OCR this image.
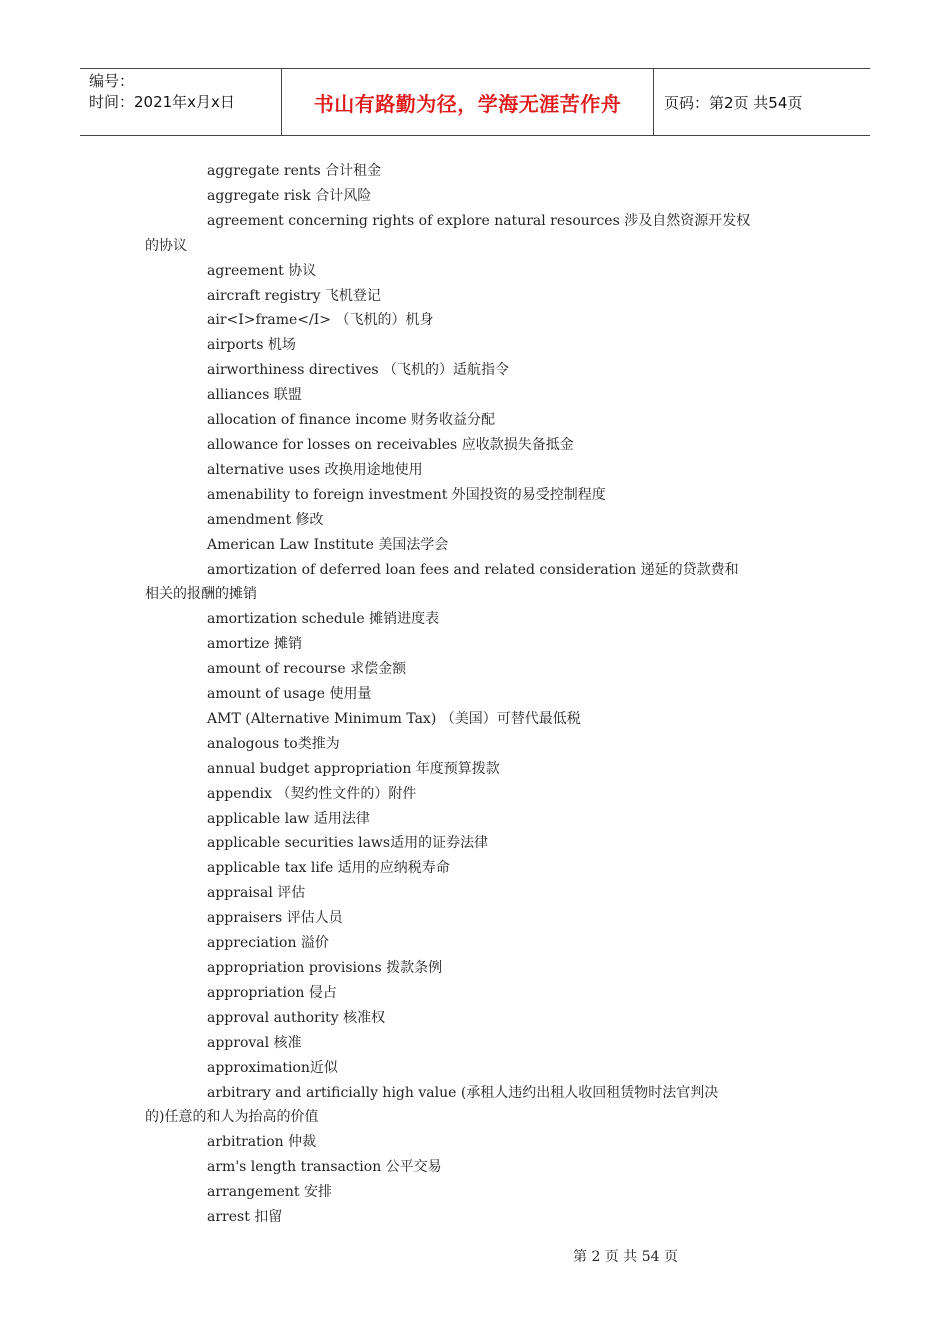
编号：
时间：2021年x月x日	书山有路勤为径，学海无涯苦作舟	页码：第2页 共54页
aggregate rents 合计租金
aggregate risk 合计风险
agreement concerning rights of explore natural resources 涉及自然资源开发权
的协议
agreement 协议
aircraft registry 飞机登记
air<I>frame</I> （飞机的）机身
airports 机场
airworthiness directives （飞机的）适航指令
alliances 联盟
allocation of finance income 财务收益分配
allowance for losses on receivables 应收款损失备抵金
alternative uses 改换用途地使用
amenability to foreign investment 外国投资的易受控制程度
amendment 修改
American Law Institute 美国法学会
amortization of deferred loan fees and related consideration 递延的贷款费和
相关的报酬的摊销
amortization schedule 摊销进度表
amortize 摊销
amount of recourse 求偿金额
amount of usage 使用量
AMT (Alternative Minimum Tax) （美国）可替代最低税
analogous to类推为
annual budget appropriation 年度预算拨款
appendix （契约性文件的）附件
applicable law 适用法律
applicable securities laws适用的证券法律
applicable tax life 适用的应纳税寿命
appraisal 评估
appraisers 评估人员
appreciation 溢价
appropriation provisions 拨款条例
appropriation 侵占
approval authority 核准权
approval 核准
approximation近似
arbitrary and artificially high value (承租人违约出租人收回租赁物时法官判决
的)任意的和人为抬高的价值
arbitration 仲裁
arm's length transaction 公平交易
arrangement 安排
arrest 扣留
第 2 页 共 54 页
